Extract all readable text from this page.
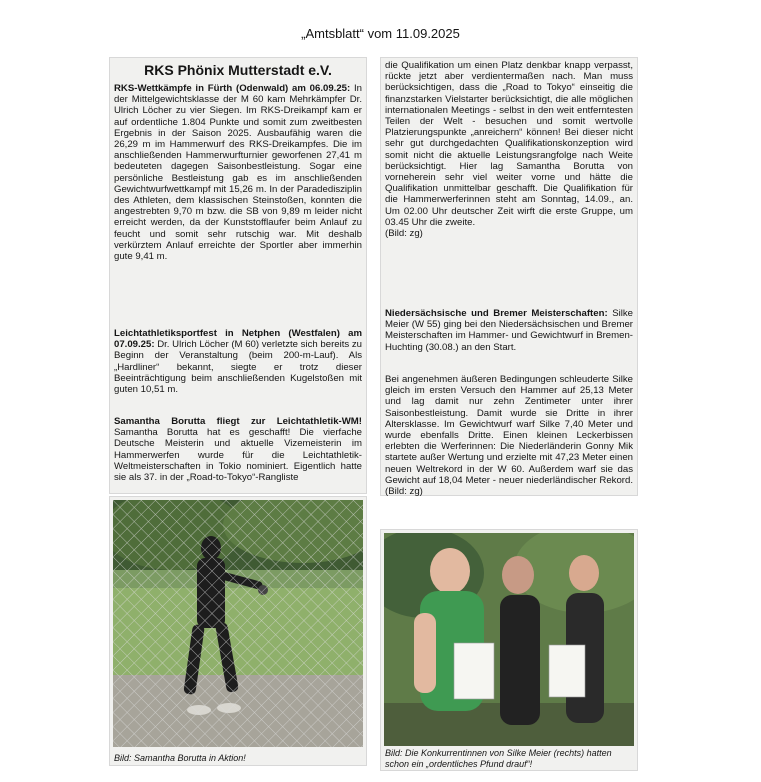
„Amtsblatt“ vom 11.09.2025
RKS Phönix Mutterstadt e.V.
RKS-Wettkämpfe in Fürth (Odenwald) am 06.09.25: In der Mittelgewichtsklasse der M 60 kam Mehrkämpfer Dr. Ulrich Löcher zu vier Siegen. Im RKS-Dreikampf kam er auf ordentliche 1.804 Punkte und somit zum zweitbesten Ergebnis in der Saison 2025. Ausbaufähig waren die 26,29 m im Hammerwurf des RKS-Dreikampfes. Die im anschließenden Hammerwurfturnier geworfenen 27,41 m bedeuteten dagegen Saisonbestleistung. Sogar eine persönliche Bestleistung gab es im anschließenden Gewichtwurfwettkampf mit 15,26 m. In der Paradedisziplin des Athleten, dem klassischen Steinstoßen, konnten die angestrebten 9,70 m bzw. die SB von 9,89 m leider nicht erreicht werden, da der Kunststofflaufer beim Anlauf zu feucht und somit sehr rutschig war. Mit deshalb verkürztem Anlauf erreichte der Sportler aber immerhin gute 9,41 m.
Leichtathletiksportfest in Netphen (Westfalen) am 07.09.25: Dr. Ulrich Löcher (M 60) verletzte sich bereits zu Beginn der Veranstaltung (beim 200-m-Lauf). Als „Hardliner“ bekannt, siegte er trotz dieser Beeinträchtigung beim anschließenden Kugelstoßen mit guten 10,51 m.
Samantha Borutta fliegt zur Leichtathletik-WM! Samantha Borutta hat es geschafft! Die vierfache Deutsche Meisterin und aktuelle Vizemeisterin im Hammerwerfen wurde für die Leichtathletik-Weltmeisterschaften in Tokio nominiert. Eigentlich hatte sie als 37. in der „Road-to-Tokyo“-Rangliste
die Qualifikation um einen Platz denkbar knapp verpasst, rückte jetzt aber verdientermaßen nach. Man muss berücksichtigen, dass die „Road to Tokyo“ einseitig die finanzstarken Vielstarter berücksichtigt, die alle möglichen internationalen Meetings - selbst in den weit entferntesten Teilen der Welt - besuchen und somit wertvolle Platzierungspunkte „anreichern“ können! Bei dieser nicht sehr gut durchgedachten Qualifikationskonzeption wird somit nicht die aktuelle Leistungsrangfolge nach Weite berücksichtigt. Hier lag Samantha Borutta von vorneherein sehr viel weiter vorne und hätte die Qualifikation unmittelbar geschafft. Die Qualifikation für die Hammerwerferinnen steht am Sonntag, 14.09., an. Um 02.00 Uhr deutscher Zeit wirft die erste Gruppe, um 03.45 Uhr die zweite.
(Bild: zg)
Niedersächsische und Bremer Meisterschaften: Silke Meier (W 55) ging bei den Niedersächsischen und Bremer Meisterschaften im Hammer- und Gewichtwurf in Bremen-Huchting (30.08.) an den Start.
Bei angenehmen äußeren Bedingungen schleuderte Silke gleich im ersten Versuch den Hammer auf 25,13 Meter und lag damit nur zehn Zentimeter unter ihrer Saisonbestleistung. Damit wurde sie Dritte in ihrer Altersklasse. Im Gewichtwurf warf Silke 7,40 Meter und wurde ebenfalls Dritte. Einen kleinen Leckerbissen erlebten die Werferinnen: Die Niederländerin Gonny Mik startete außer Wertung und erzielte mit 47,23 Meter einen neuen Weltrekord in der W 60. Außerdem warf sie das Gewicht auf 18,04 Meter - neuer niederländischer Rekord. (Bild: zg)
Bild: Samantha Borutta in Aktion!	Bild: Die Konkurrentinnen von Silke Meier (rechts) hatten schon ein „ordentliches Pfund drauf“!
